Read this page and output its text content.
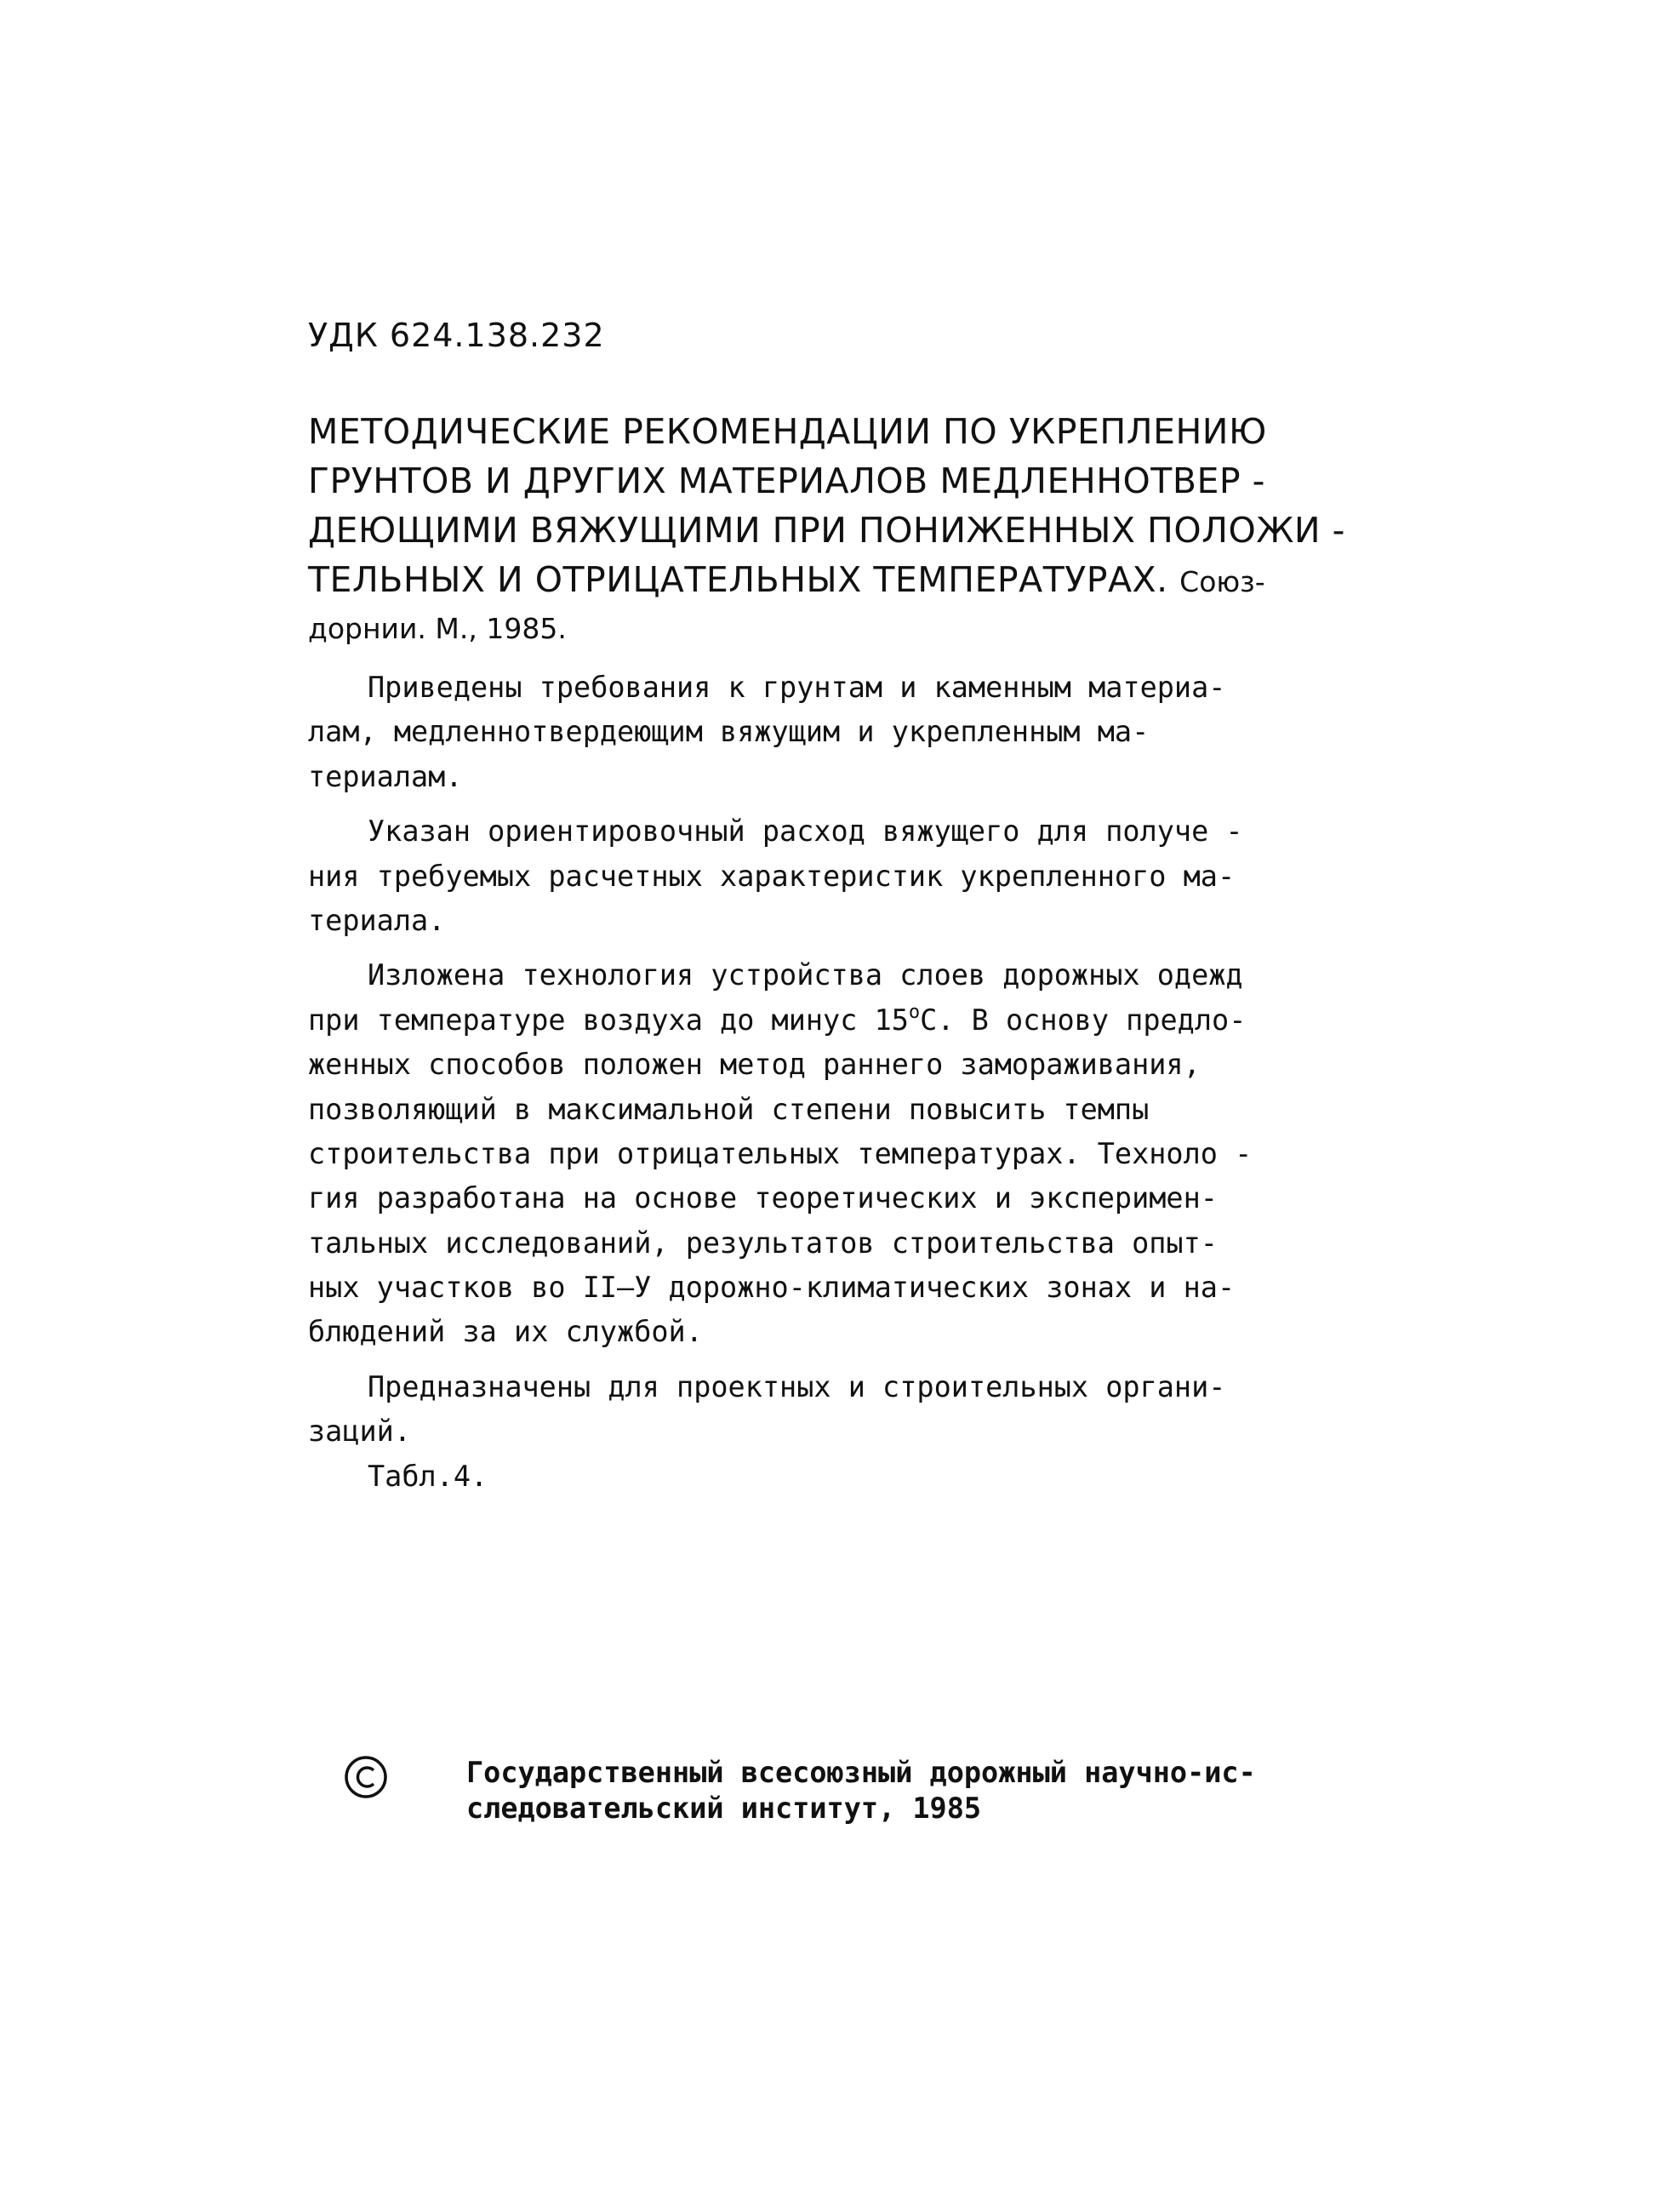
УДК 624.138.232
МЕТОДИЧЕСКИЕ РЕКОМЕНДАЦИИ ПО УКРЕПЛЕНИЮ
ГРУНТОВ И ДРУГИХ МАТЕРИАЛОВ МЕДЛЕННОТВЕР -
ДЕЮЩИМИ ВЯЖУЩИМИ ПРИ ПОНИЖЕННЫХ ПОЛОЖИ -
ТЕЛЬНЫХ И ОТРИЦАТЕЛЬНЫХ ТЕМПЕРАТУРАХ. Союз-
дорнии. М., 1985.
Приведены требования к грунтам и каменным материа-
лам, медленнотвердеющим вяжущим и укрепленным ма-
териалам.
Указан ориентировочный расход вяжущего для получе -
ния требуемых расчетных характеристик укрепленного ма-
териала.
Изложена технология устройства слоев дорожных одежд
при температуре воздуха до минус $15^оС$. В основу предло-
женных способов положен метод раннего замораживания,
позволяющий в максимальной степени повысить темпы
строительства при отрицательных температурах. Техноло -
гия разработана на основе теоретических и эксперимен-
тальных исследований, результатов строительства опыт-
ных участков во II–У дорожно-климатических зонах и на-
блюдений за их службой.
Предназначены для проектных и строительных органи-
заций.
Табл.4.
Государственный всесоюзный дорожный научно-ис-
следовательский институт, 1985
